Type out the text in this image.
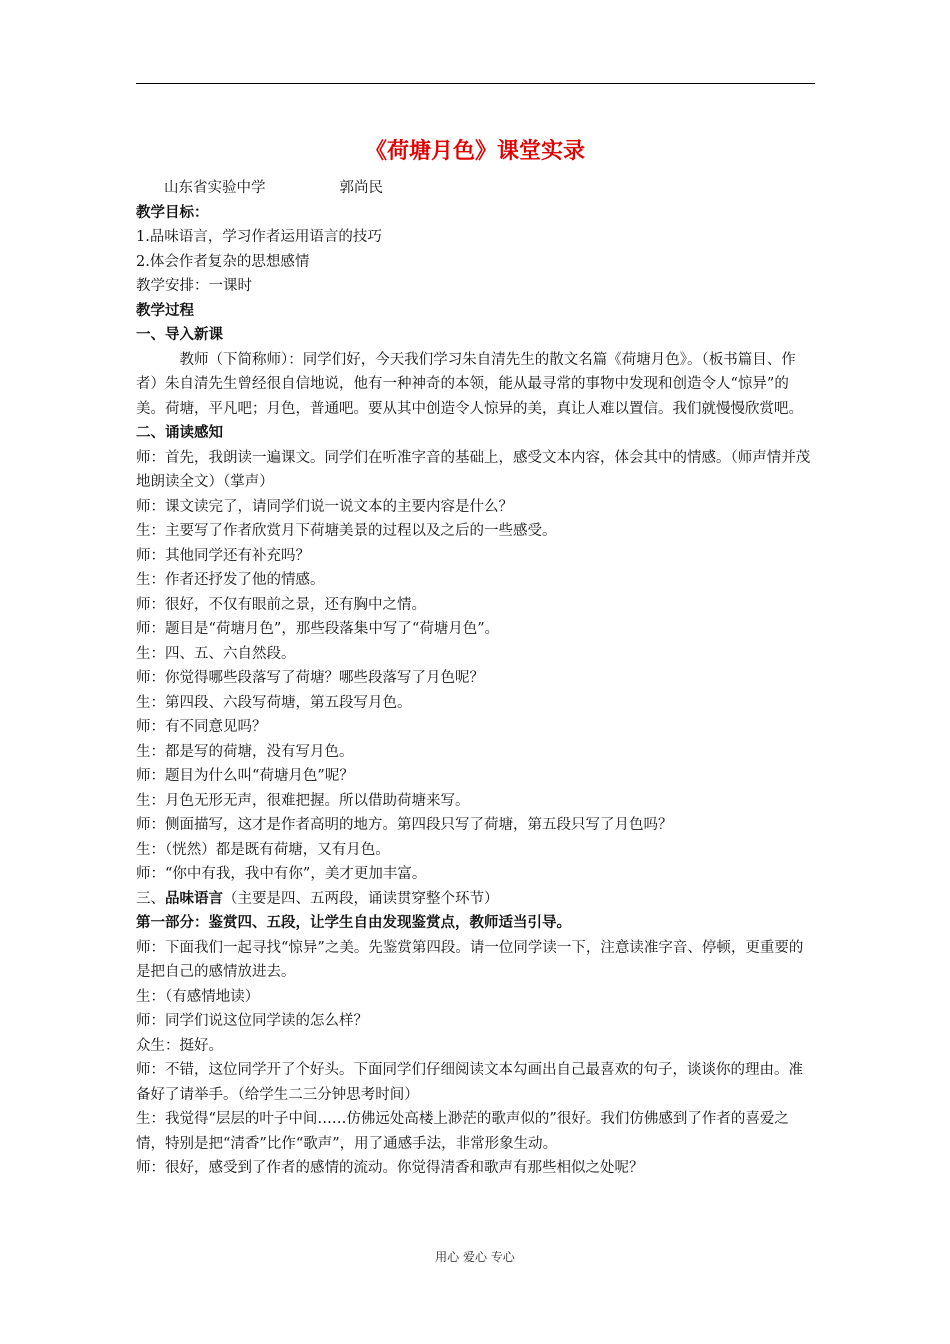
《荷塘月色》课堂实录

山东省实验中学	郭尚民

教学目标：

1.品味语言，学习作者运用语言的技巧

2.体会作者复杂的思想感情

教学安排：一课时

教学过程

一、导入新课

教师（下简称师）：同学们好，今天我们学习朱自清先生的散文名篇《荷塘月色》。（板书篇目、作者）朱自清先生曾经很自信地说，他有一种神奇的本领，能从最寻常的事物中发现和创造令人“惊异”的美。荷塘，平凡吧；月色，普通吧。要从其中创造令人惊异的美，真让人难以置信。我们就慢慢欣赏吧。

二、诵读感知

师：首先，我朗读一遍课文。同学们在听准字音的基础上，感受文本内容，体会其中的情感。（师声情并茂地朗读全文）（掌声）

师：课文读完了，请同学们说一说文本的主要内容是什么？

生：主要写了作者欣赏月下荷塘美景的过程以及之后的一些感受。

师：其他同学还有补充吗？

生：作者还抒发了他的情感。

师：很好，不仅有眼前之景，还有胸中之情。

师：题目是“荷塘月色”，那些段落集中写了“荷塘月色”。

生：四、五、六自然段。

师：你觉得哪些段落写了荷塘？哪些段落写了月色呢？

生：第四段、六段写荷塘，第五段写月色。

师：有不同意见吗？

生：都是写的荷塘，没有写月色。

师：题目为什么叫“荷塘月色”呢？

生：月色无形无声，很难把握。所以借助荷塘来写。

师：侧面描写，这才是作者高明的地方。第四段只写了荷塘，第五段只写了月色吗？

生：（恍然）都是既有荷塘，又有月色。

师：“你中有我，我中有你”，美才更加丰富。

三、品味语言（主要是四、五两段，诵读贯穿整个环节）

第一部分：鉴赏四、五段，让学生自由发现鉴赏点，教师适当引导。

师：下面我们一起寻找“惊异”之美。先鉴赏第四段。请一位同学读一下，注意读准字音、停顿，更重要的是把自己的感情放进去。

生：（有感情地读）

师：同学们说这位同学读的怎么样？

众生：挺好。

师：不错，这位同学开了个好头。下面同学们仔细阅读文本勾画出自己最喜欢的句子，谈谈你的理由。准备好了请举手。（给学生二三分钟思考时间）

生：我觉得“层层的叶子中间……仿佛远处高楼上渺茫的歌声似的”很好。我们仿佛感到了作者的喜爱之情，特别是把“清香”比作“歌声”，用了通感手法，非常形象生动。

师：很好，感受到了作者的感情的流动。你觉得清香和歌声有那些相似之处呢？

用心 爱心 专心
